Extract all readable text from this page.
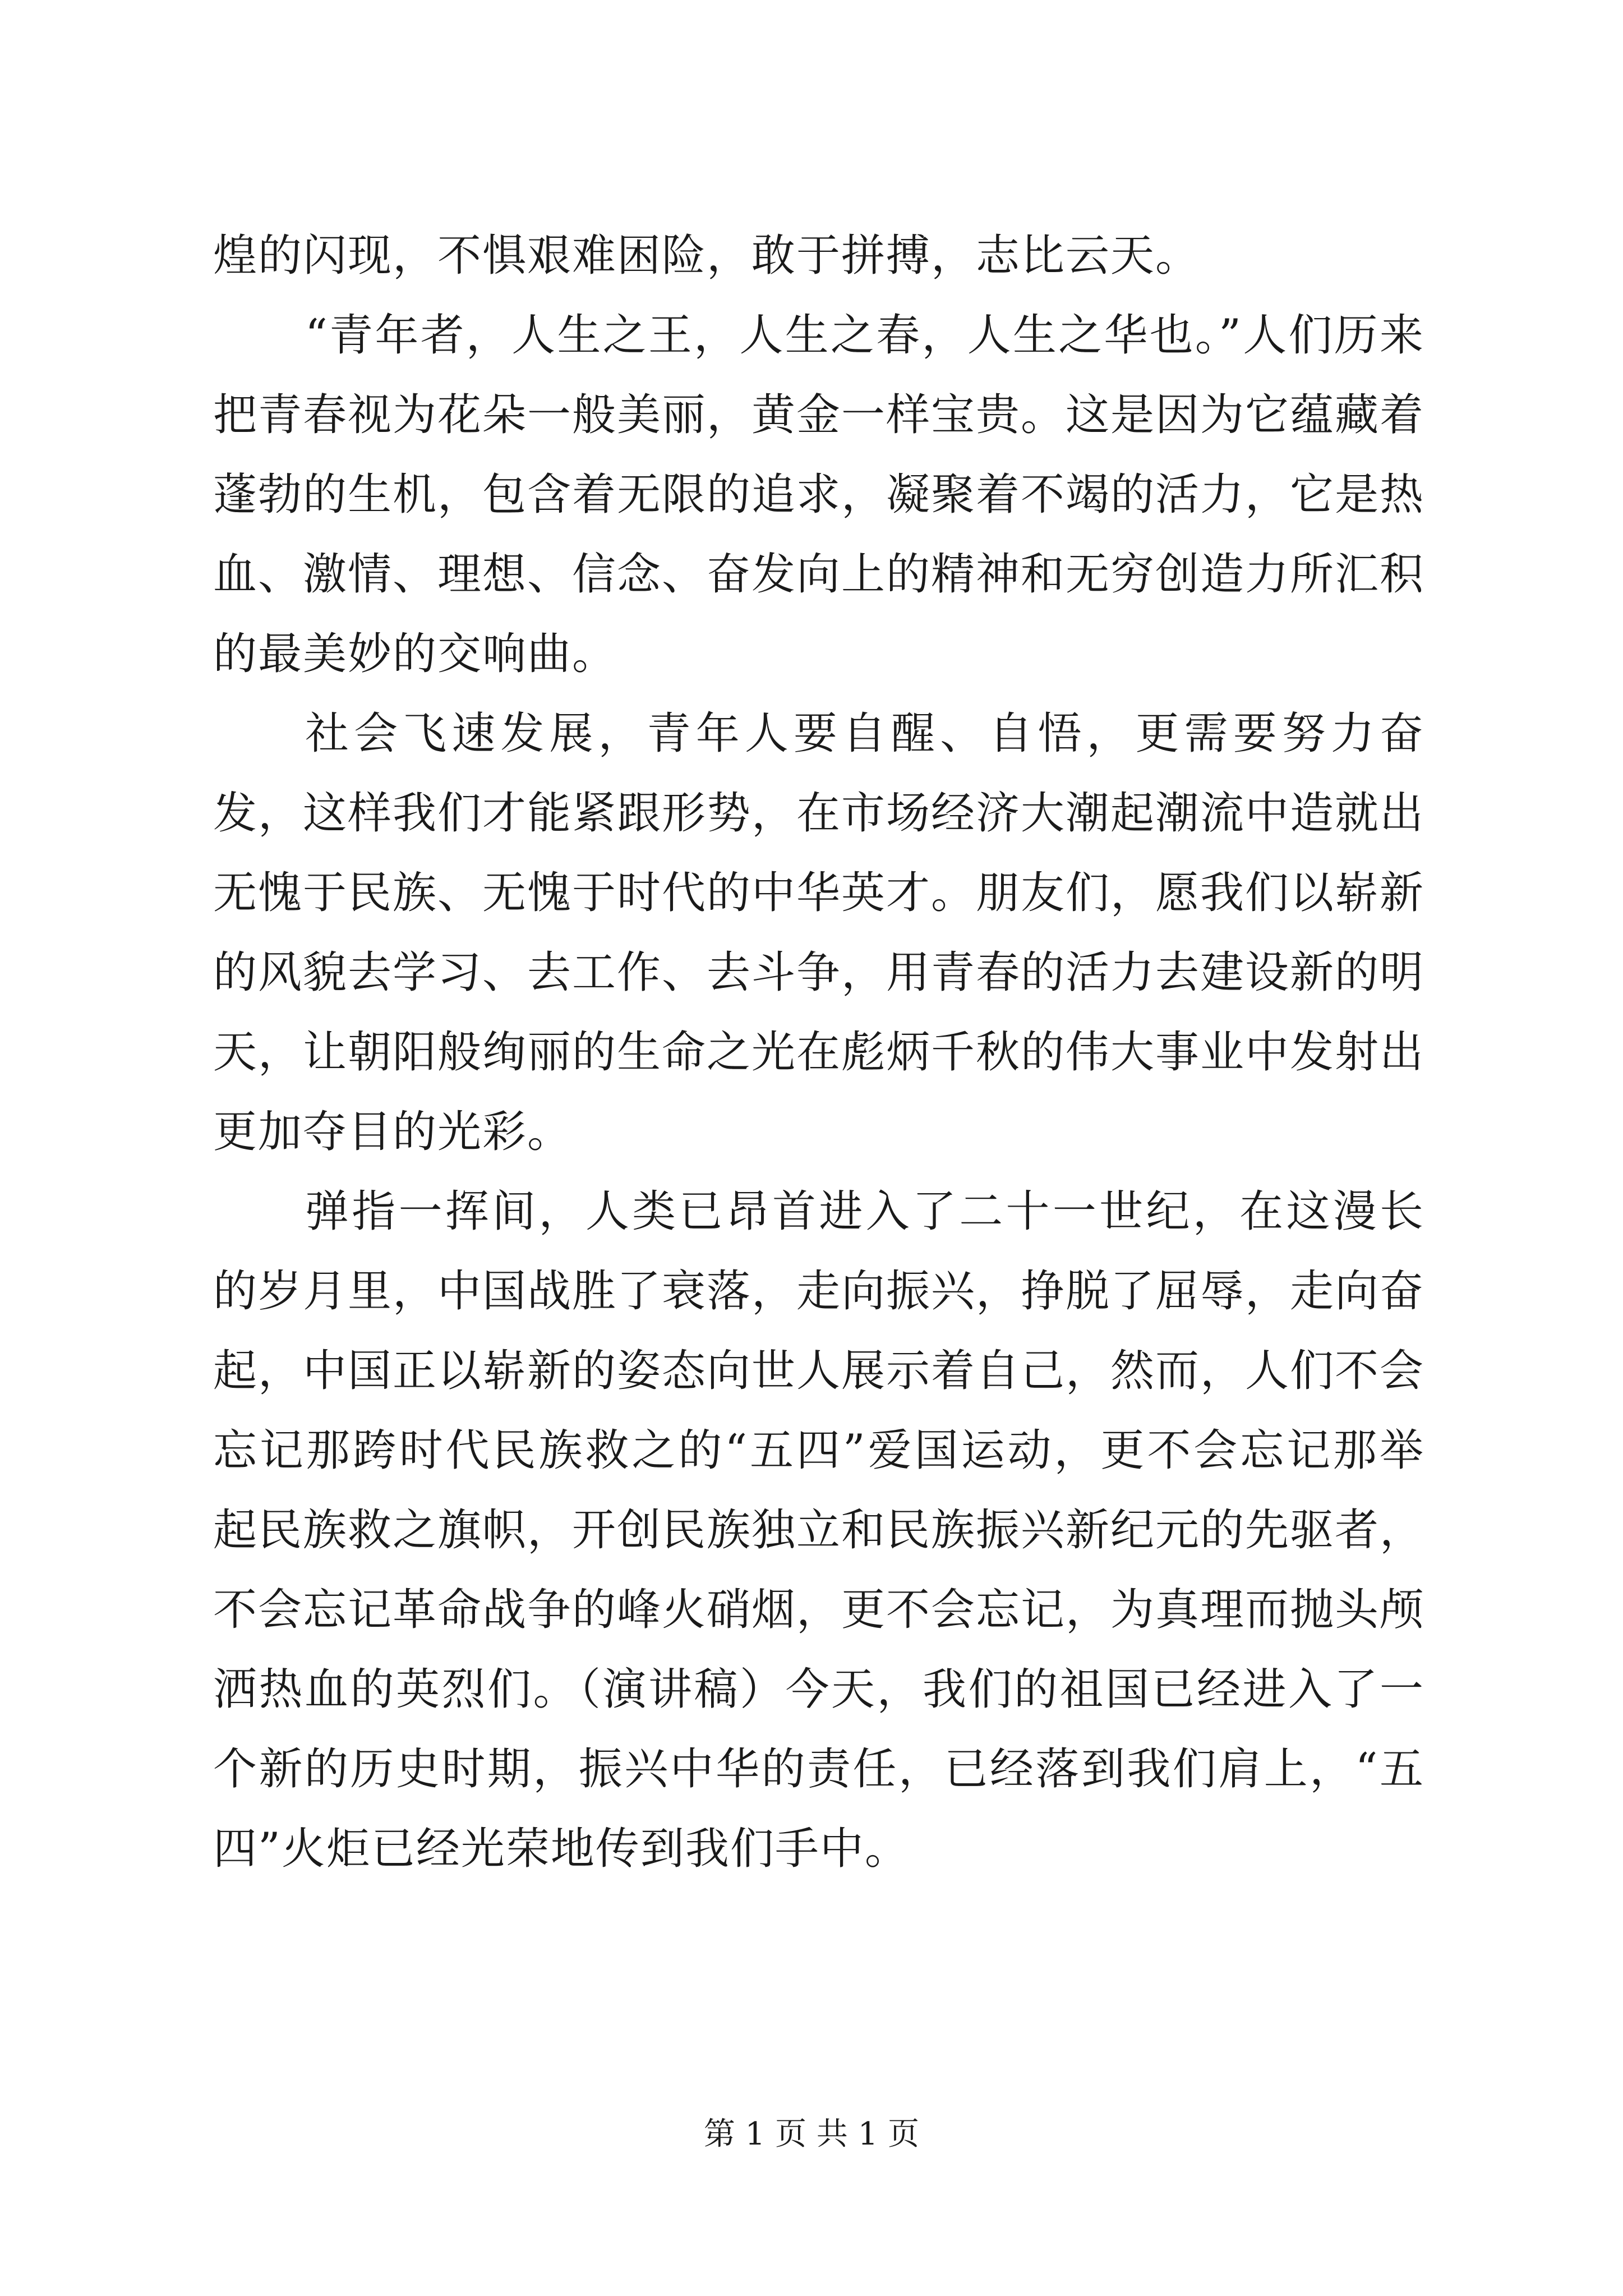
煌的闪现，不惧艰难困险，敢于拼搏，志比云天。

“青年者，人生之王，人生之春，人生之华也。”人们历来把青春视为花朵一般美丽，黄金一样宝贵。这是因为它蕴藏着蓬勃的生机，包含着无限的追求，凝聚着不竭的活力，它是热血、激情、理想、信念、奋发向上的精神和无穷创造力所汇积的最美妙的交响曲。

社会飞速发展，青年人要自醒、自悟，更需要努力奋发，这样我们才能紧跟形势，在市场经济大潮起潮流中造就出无愧于民族、无愧于时代的中华英才。朋友们，愿我们以崭新的风貌去学习、去工作、去斗争，用青春的活力去建设新的明天，让朝阳般绚丽的生命之光在彪炳千秋的伟大事业中发射出更加夺目的光彩。

弹指一挥间，人类已昂首进入了二十一世纪，在这漫长的岁月里，中国战胜了衰落，走向振兴，挣脱了屈辱，走向奋起，中国正以崭新的姿态向世人展示着自己，然而，人们不会忘记那跨时代民族救之的“五四”爱国运动，更不会忘记那举起民族救之旗帜，开创民族独立和民族振兴新纪元的先驱者，不会忘记革命战争的峰火硝烟，更不会忘记，为真理而抛头颅洒热血的英烈们。（演讲稿）今天，我们的祖国已经进入了一个新的历史时期，振兴中华的责任，已经落到我们肩上，“五四”火炬已经光荣地传到我们手中。

第 1 页 共 1 页
